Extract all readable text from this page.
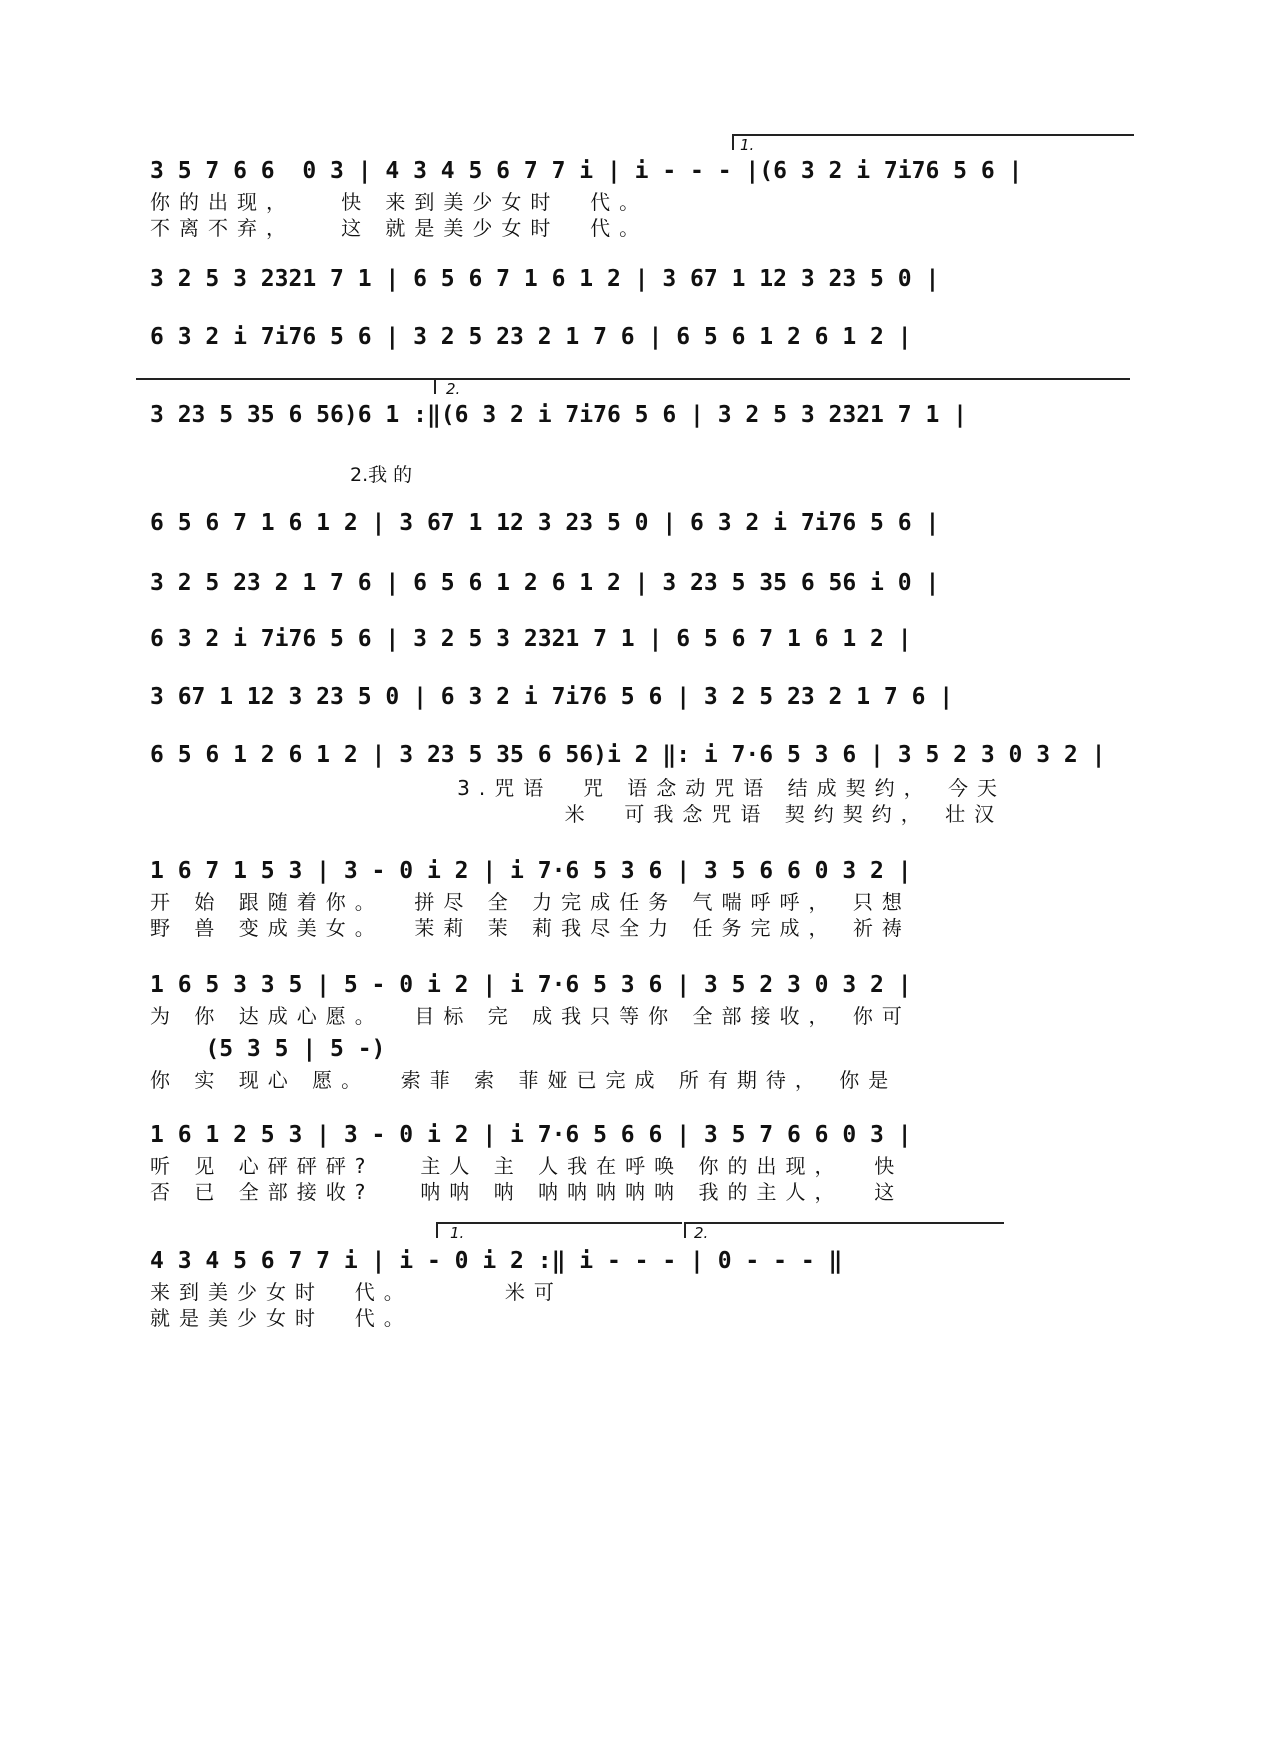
1.
2.
1.	2.
3 5 7 6 6  0 3 | 4 3 4 5 6 7 7 i | i - - - |(6 3 2 i 7i76 5 6 |
你的出现，   快 来到美少女时  代。
不离不弃，   这 就是美少女时  代。
3 2 5 3 2321 7 1 | 6 5 6 7 1 6 1 2 | 3 67 1 12 3 23 5 0 |
6 3 2 i 7i76 5 6 | 3 2 5 23 2 1 7 6 | 6 5 6 1 2 6 1 2 |
3 23 5 35 6 56)6 1 :‖(6 3 2 i 7i76 5 6 | 3 2 5 3 2321 7 1 |
2.我 的
6 5 6 7 1 6 1 2 | 3 67 1 12 3 23 5 0 | 6 3 2 i 7i76 5 6 |
3 2 5 23 2 1 7 6 | 6 5 6 1 2 6 1 2 | 3 23 5 35 6 56 i 0 |
6 3 2 i 7i76 5 6 | 3 2 5 3 2321 7 1 | 6 5 6 7 1 6 1 2 |
3 67 1 12 3 23 5 0 | 6 3 2 i 7i76 5 6 | 3 2 5 23 2 1 7 6 |
6 5 6 1 2 6 1 2 | 3 23 5 35 6 56)i 2 ‖: i 7·6 5 3 6 | 3 5 2 3 0 3 2 |
3.咒语  咒 语念动咒语 结成契约， 今天
米  可我念咒语 契约契约， 壮汉
1 6 7 1 5 3 | 3 - 0 i 2 | i 7·6 5 3 6 | 3 5 6 6 0 3 2 |
开 始 跟随着你。  拼尽 全 力完成任务 气喘呼呼， 只想
野 兽 变成美女。  茉莉 茉 莉我尽全力 任务完成， 祈祷
1 6 5 3 3 5 | 5 - 0 i 2 | i 7·6 5 3 6 | 3 5 2 3 0 3 2 |
为 你 达成心愿。  目标 完 成我只等你 全部接收， 你可
(5 3 5 | 5 -)
你 实 现心 愿。  索菲 索 菲娅已完成 所有期待， 你是
1 6 1 2 5 3 | 3 - 0 i 2 | i 7·6 5 6 6 | 3 5 7 6 6 0 3 |
听 见 心砰砰砰?   主人 主 人我在呼唤 你的出现，  快
否 已 全部接收?   呐呐 呐 呐呐呐呐呐 我的主人，  这
4 3 4 5 6 7 7 i | i - 0 i 2 :‖ i - - - | 0 - - - ‖
来到美少女时  代。      米可
就是美少女时  代。
